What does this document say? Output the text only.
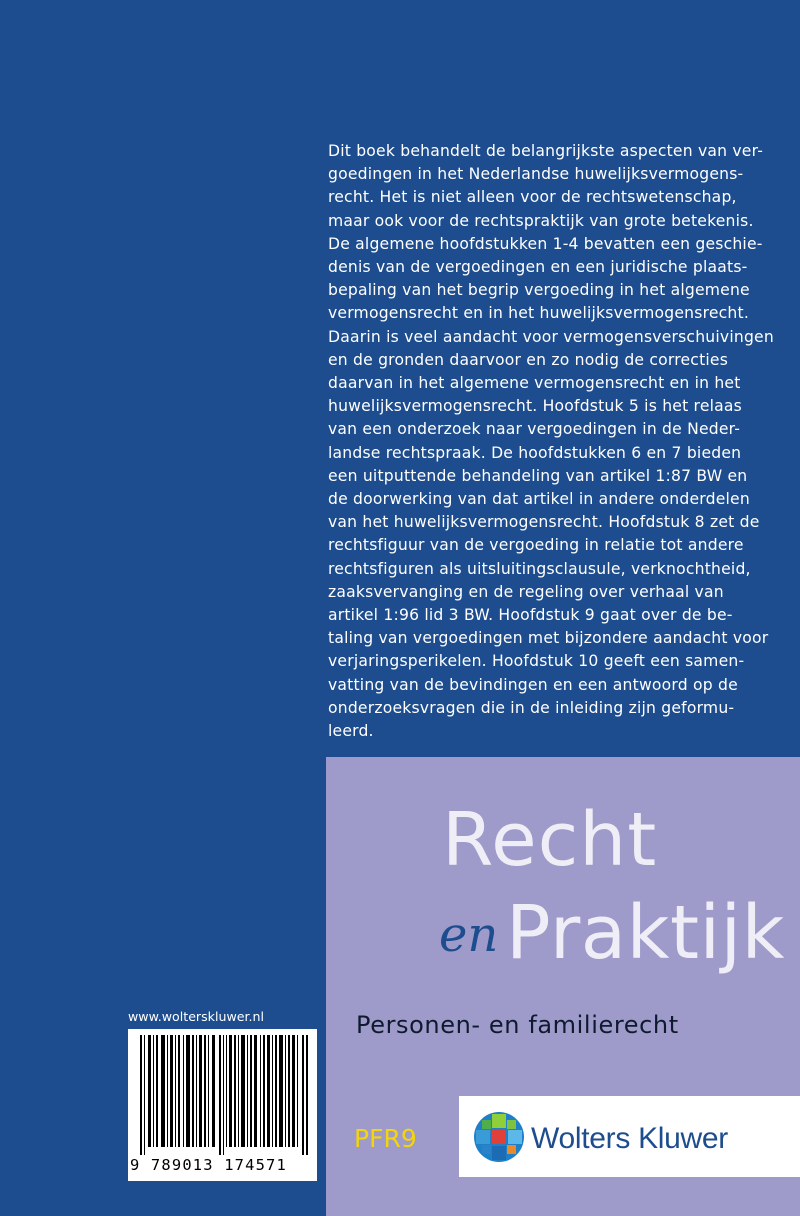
Dit boek behandelt de belangrijkste aspecten van ver-
goedingen in het Nederlandse huwelijksvermogens-
recht. Het is niet alleen voor de rechtswetenschap,
maar ook voor de rechtspraktijk van grote betekenis.
De algemene hoofdstukken 1-4 bevatten een geschie-
denis van de vergoedingen en een juridische plaats-
bepaling van het begrip vergoeding in het algemene
vermogensrecht en in het huwelijksvermogensrecht.
Daarin is veel aandacht voor vermogensverschuivingen
en de gronden daarvoor en zo nodig de correcties
daarvan in het algemene vermogensrecht en in het
huwelijksvermogensrecht. Hoofdstuk 5 is het relaas
van een onderzoek naar vergoedingen in de Neder-
landse rechtspraak. De hoofdstukken 6 en 7 bieden
een uitputtende behandeling van artikel 1:87 BW en
de doorwerking van dat artikel in andere onderdelen
van het huwelijksvermogensrecht. Hoofdstuk 8 zet de
rechtsfiguur van de vergoeding in relatie tot andere
rechtsfiguren als uitsluitingsclausule, verknochtheid,
zaaksvervanging en de regeling over verhaal van
artikel 1:96 lid 3 BW. Hoofdstuk 9 gaat over de be-
taling van vergoedingen met bijzondere aandacht voor
verjaringsperikelen. Hoofdstuk 10 geeft een samen-
vatting van de bevindingen en een antwoord op de
onderzoeksvragen die in de inleiding zijn geformu-
leerd.
Recht
en Praktijk
Personen- en familierecht
PFR9	Wolters Kluwer
www.wolterskluwer.nl
9 789013 174571
